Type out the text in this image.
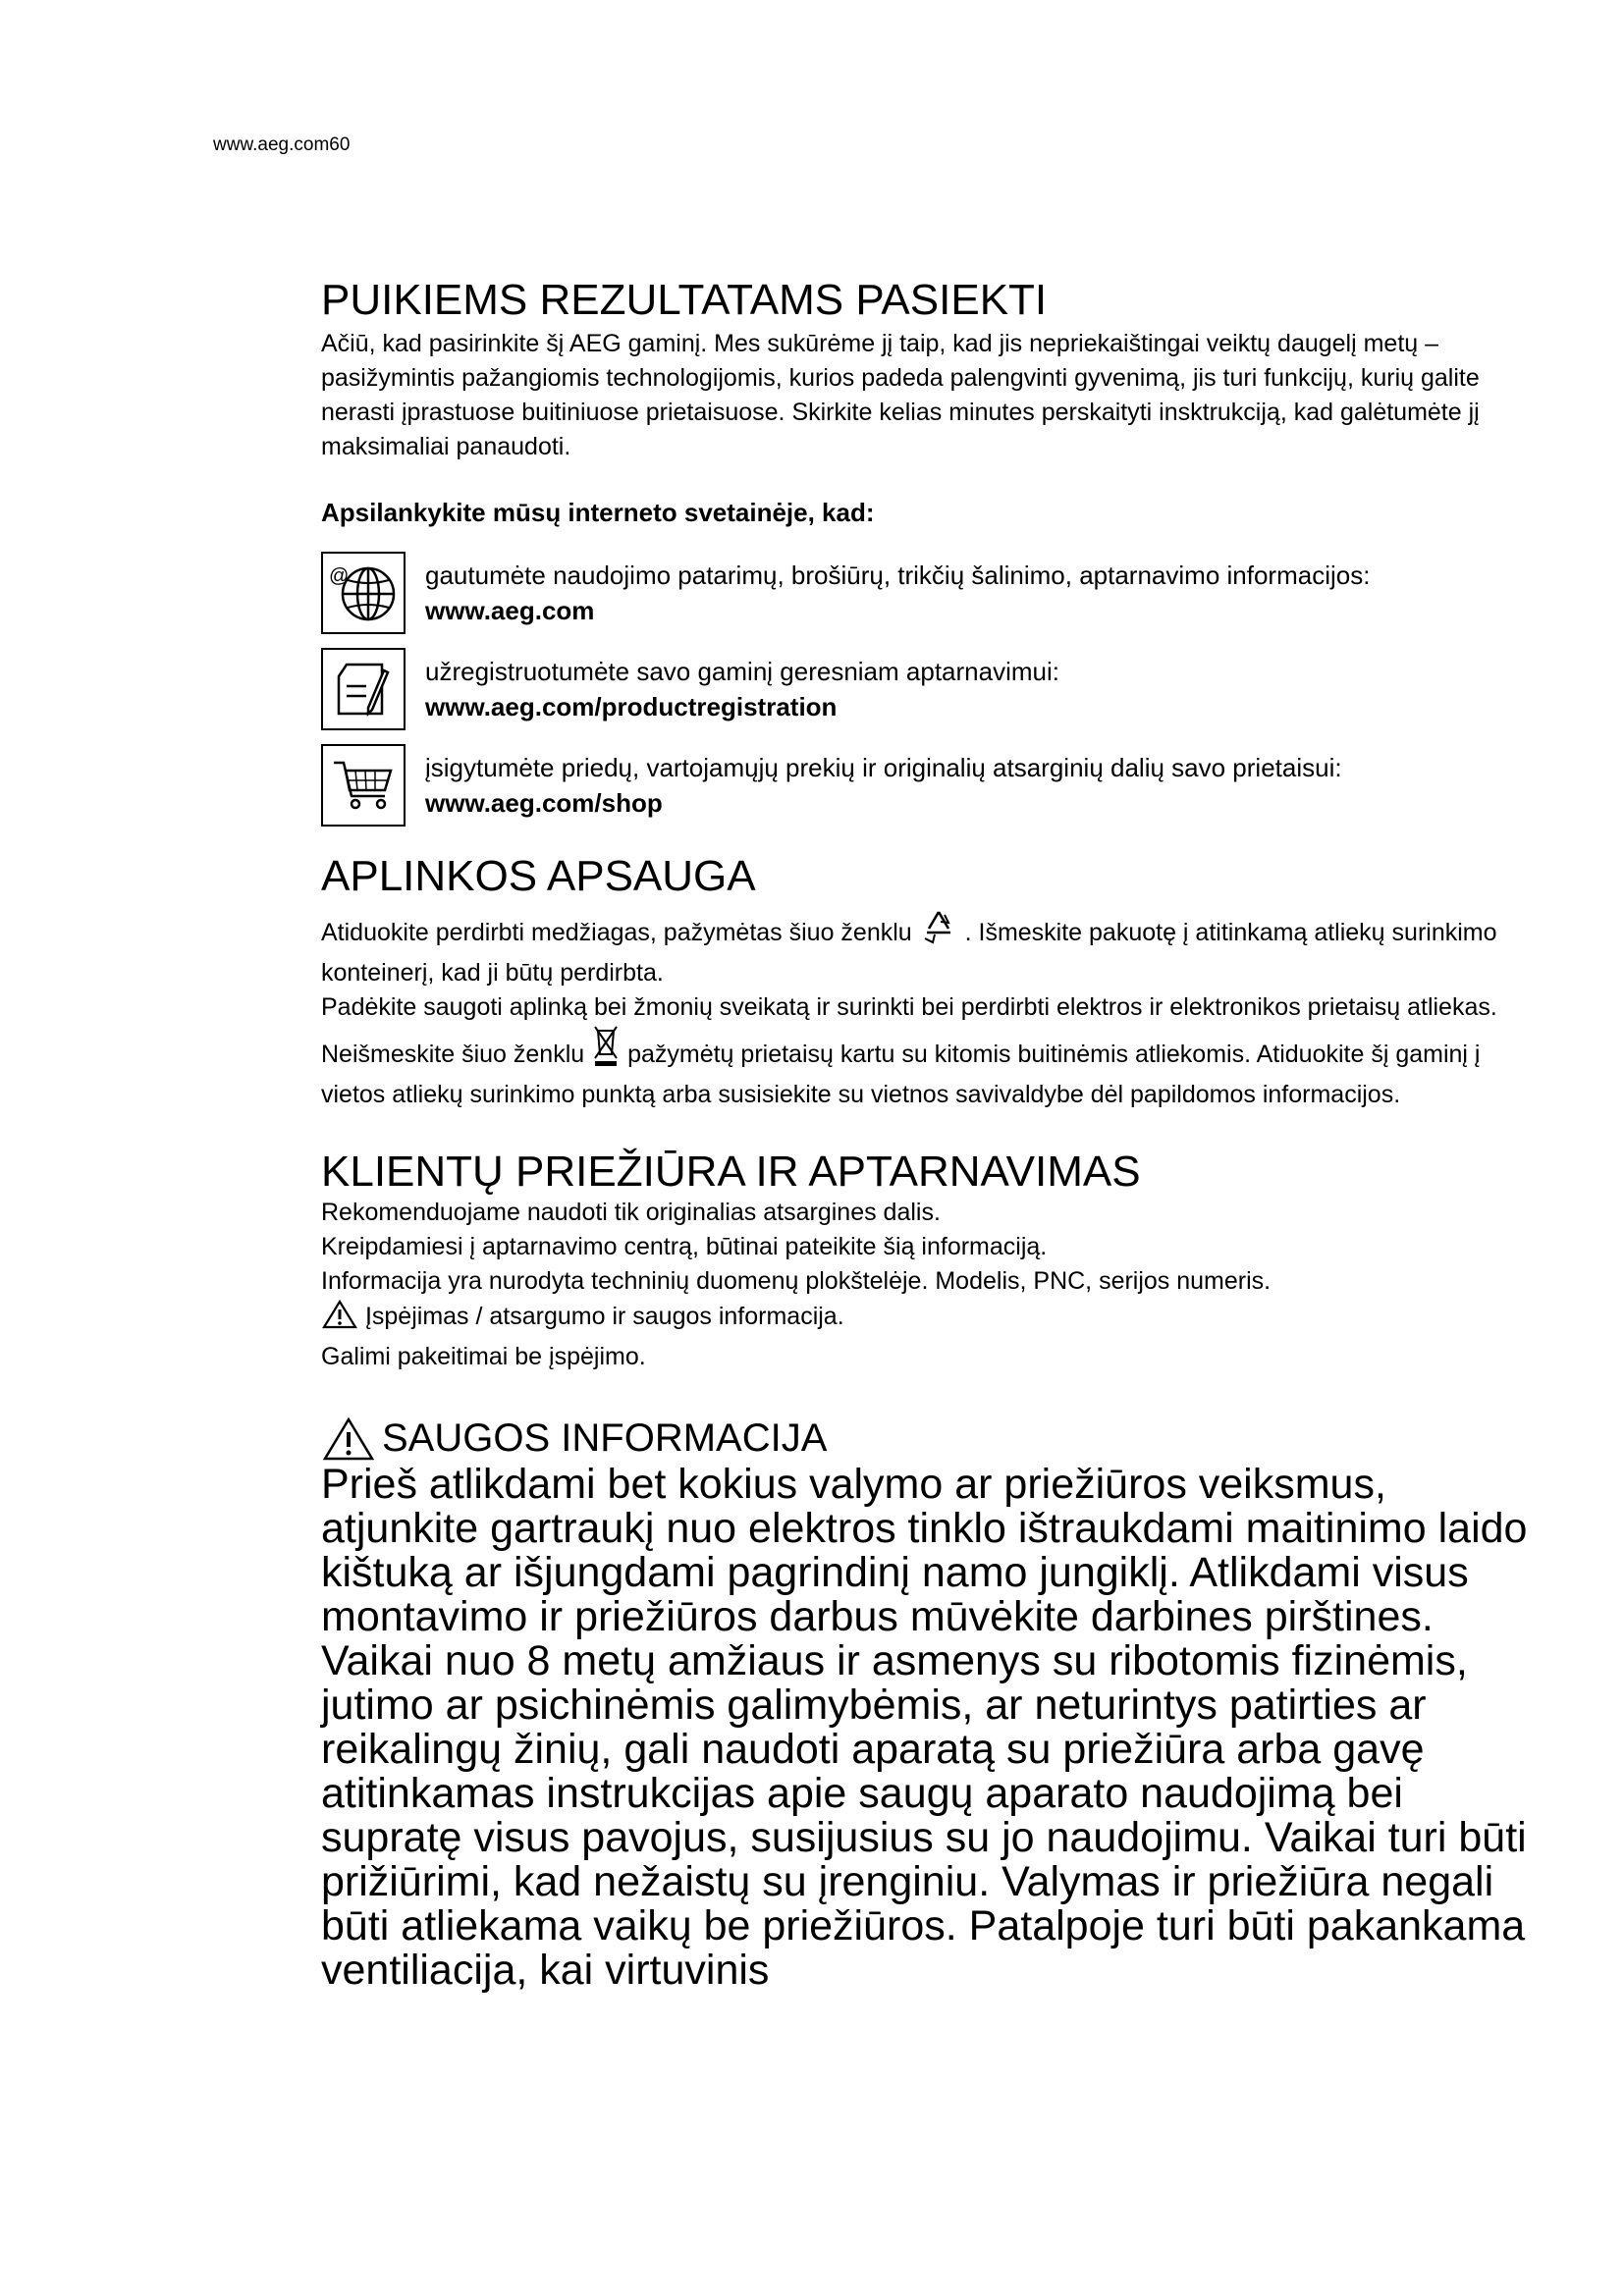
www.aeg.com60
PUIKIEMS REZULTATAMS PASIEKTI

Ačiū, kad pasirinkite šį AEG gaminį. Mes sukūrėme jį taip, kad jis nepriekaištingai veiktų daugelį metų – pasižymintis pažangiomis technologijomis, kurios padeda palengvinti gyvenimą, jis turi funkcijų, kurių galite nerasti įprastuose buitiniuose prietaisuose. Skirkite kelias minutes perskaityti insktrukciją, kad galėtumėte jį maksimaliai panaudoti.

Apsilankykite mūsų interneto svetainėje, kad:
@	gautumėte naudojimo patarimų, brošiūrų, trikčių šalinimo, aptarnavimo informacijos:
www.aeg.com
užregistruotumėte savo gaminį geresniam aptarnavimui:
www.aeg.com/productregistration
įsigytumėte priedų, vartojamųjų prekių ir originalių atsarginių dalių savo prietaisui:
www.aeg.com/shop
APLINKOS APSAUGA

Atiduokite perdirbti medžiagas, pažymėtas šiuo ženklu . Išmeskite pakuotę į atitinkamą atliekų surinkimo konteinerį, kad ji būtų perdirbta.

Padėkite saugoti aplinką bei žmonių sveikatą ir surinkti bei perdirbti elektros ir elektronikos prietaisų atliekas. Neišmeskite šiuo ženklu pažymėtų prietaisų kartu su kitomis buitinėmis atliekomis. Atiduokite šį gaminį į vietos atliekų surinkimo punktą arba susisiekite su vietnos savivaldybe dėl papildomos informacijos.

KLIENTŲ PRIEŽIŪRA IR APTARNAVIMAS

Rekomenduojame naudoti tik originalias atsargines dalis.

Kreipdamiesi į aptarnavimo centrą, būtinai pateikite šią informaciją.

Informacija yra nurodyta techninių duomenų plokštelėje. Modelis, PNC, serijos numeris.

Įspėjimas / atsargumo ir saugos informacija.

Galimi pakeitimai be įspėjimo.

SAUGOS INFORMACIJA

Prieš atlikdami bet kokius valymo ar priežiūros veiksmus, atjunkite gartraukį nuo elektros tinklo ištraukdami maitinimo laido kištuką ar išjungdami pagrindinį namo jungiklį. Atlikdami visus montavimo ir priežiūros darbus mūvėkite darbines pirštines. Vaikai nuo 8 metų amžiaus ir asmenys su ribotomis fizinėmis, jutimo ar psichinėmis galimybėmis, ar neturintys patirties ar reikalingų žinių, gali naudoti aparatą su priežiūra arba gavę atitinkamas instrukcijas apie saugų aparato naudojimą bei supratę visus pavojus, susijusius su jo naudojimu. Vaikai turi būti prižiūrimi, kad nežaistų su įrenginiu. Valymas ir priežiūra negali būti atliekama vaikų be priežiūros. Patalpoje turi būti pakankama ventiliacija, kai virtuvinis
